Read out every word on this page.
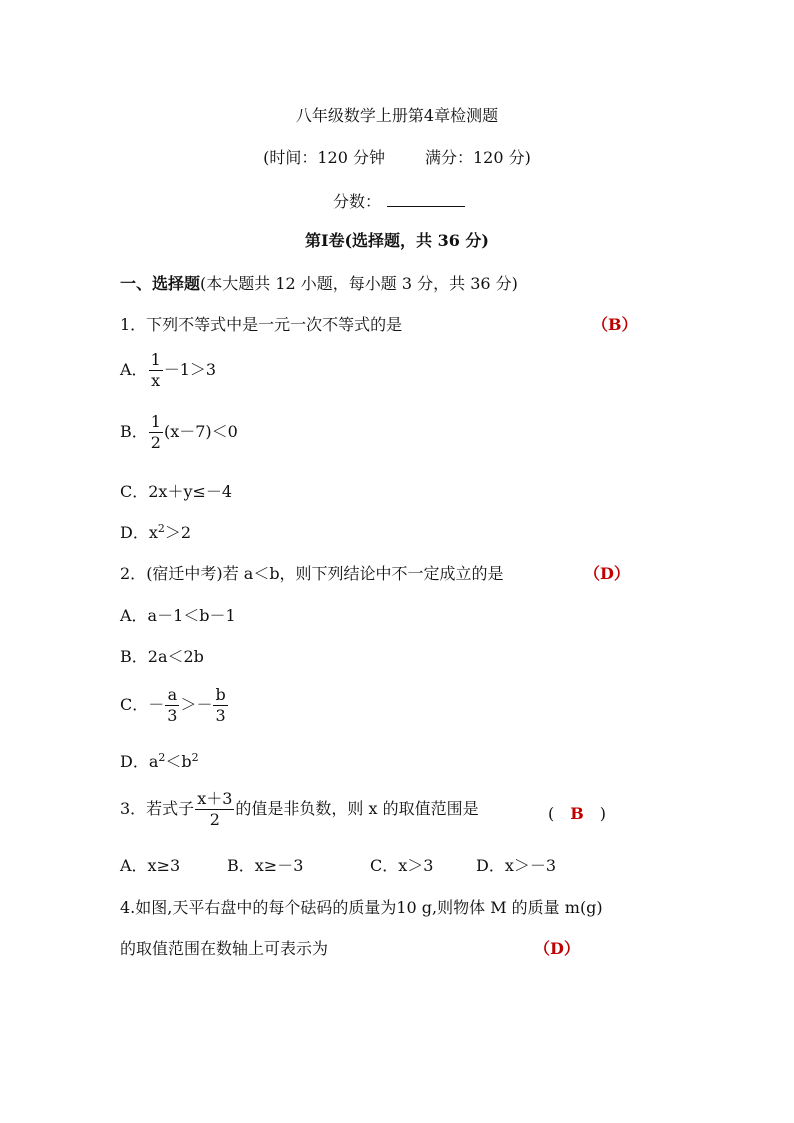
八年级数学上册第4章检测题
(时间：120 分钟	满分：120 分)
分数：
第Ⅰ卷(选择题，共 36 分)
一、选择题(本大题共 12 小题，每小题 3 分，共 36 分)
1．下列不等式中是一元一次不等式的是	（B）
A． $\frac{1}{x} -1>3$
B． $\frac{1}{2} (x-7)<0$
C．2x＋y≤－4
D．$x^2>2$
2．(宿迁中考)若 a＜b，则下列结论中不一定成立的是	（D）
A．a－1＜b－1
B．2a＜2b
C．－ $\frac{a}{3} >- \frac{b}{3}$
D．$a^2<b^2$
3．若式子 $\frac{x+3}{2}$ 的值是非负数，则 x 的取值范围是	( B )
A．x≥3	B．x≥－3	C．x＞3	D．x＞－3
4.如图,天平右盘中的每个砝码的质量为10 g,则物体 M 的质量 m(g)
的取值范围在数轴上可表示为	（D）
